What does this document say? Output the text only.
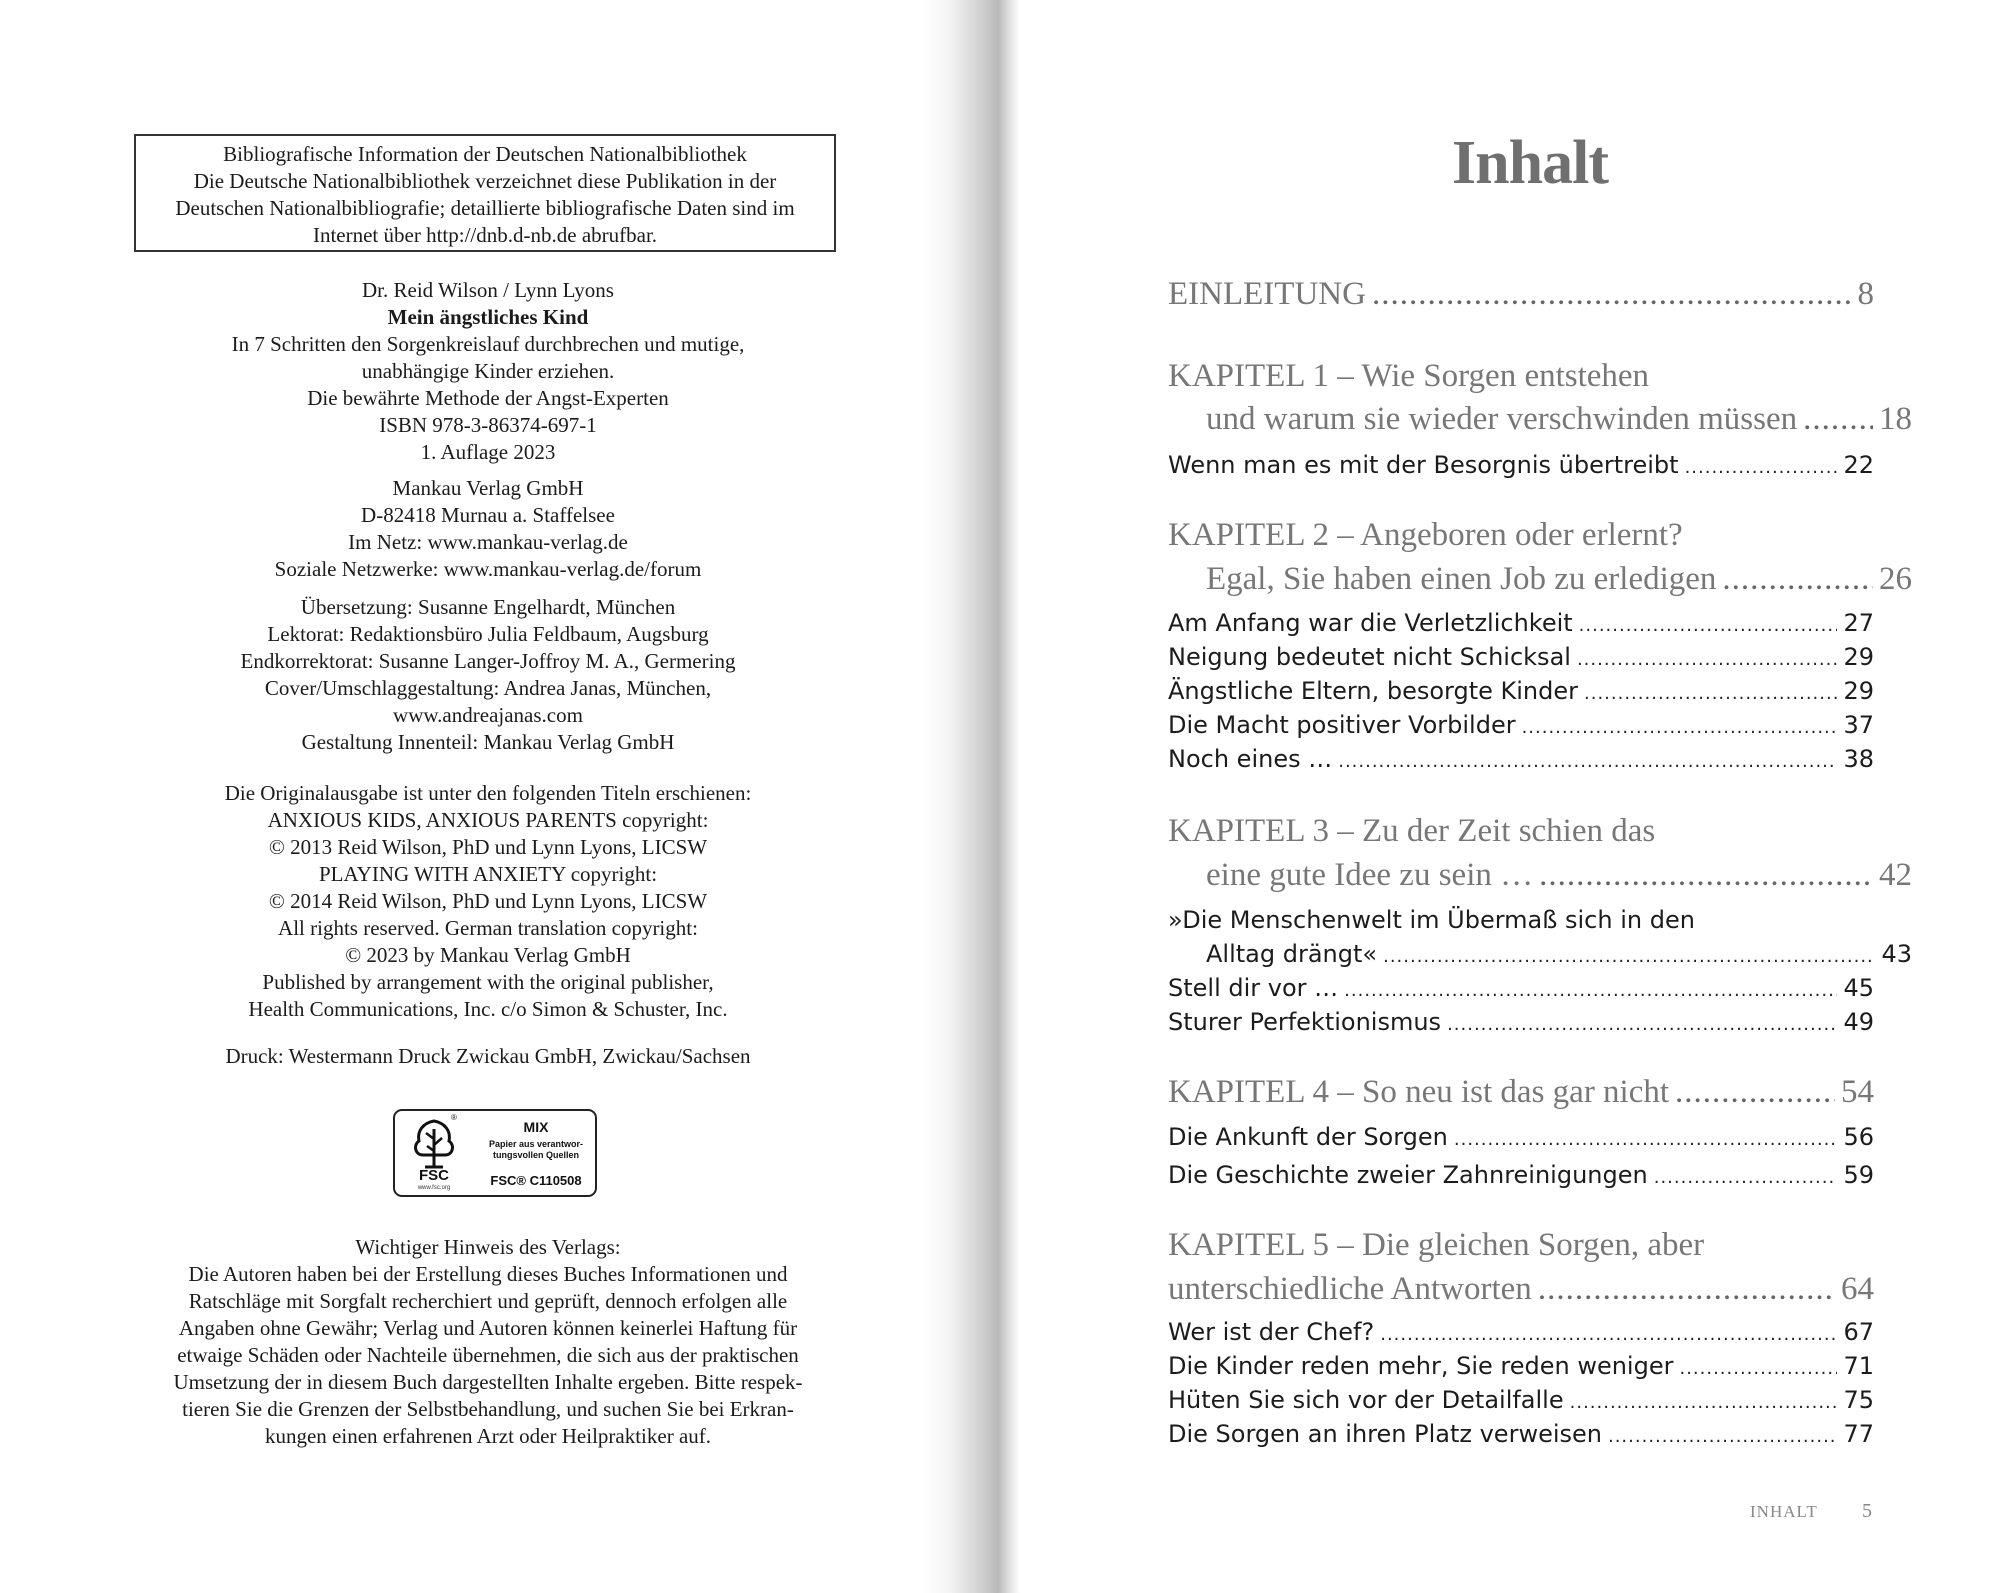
Bibliografische Information der Deutschen Nationalbibliothek
Die Deutsche Nationalbibliothek verzeichnet diese Publikation in der
Deutschen Nationalbibliografie; detaillierte bibliografische Daten sind im
Internet über http://dnb.d-nb.de abrufbar.
Dr. Reid Wilson / Lynn Lyons
Mein ängstliches Kind
In 7 Schritten den Sorgenkreislauf durchbrechen und mutige,
unabhängige Kinder erziehen.
Die bewährte Methode der Angst-Experten
ISBN 978-3-86374-697-1
1. Auflage 2023
Mankau Verlag GmbH
D-82418 Murnau a. Staffelsee
Im Netz: www.mankau-verlag.de
Soziale Netzwerke: www.mankau-verlag.de/forum
Übersetzung: Susanne Engelhardt, München
Lektorat: Redaktionsbüro Julia Feldbaum, Augsburg
Endkorrektorat: Susanne Langer-Joffroy M. A., Germering
Cover/Umschlaggestaltung: Andrea Janas, München,
www.andreajanas.com
Gestaltung Innenteil: Mankau Verlag GmbH
Die Originalausgabe ist unter den folgenden Titeln erschienen:
ANXIOUS KIDS, ANXIOUS PARENTS copyright:
© 2013 Reid Wilson, PhD und Lynn Lyons, LICSW
PLAYING WITH ANXIETY copyright:
© 2014 Reid Wilson, PhD und Lynn Lyons, LICSW
All rights reserved. German translation copyright:
© 2023 by Mankau Verlag GmbH
Published by arrangement with the original publisher,
Health Communications, Inc. c/o Simon & Schuster, Inc.
Druck: Westermann Druck Zwickau GmbH, Zwickau/Sachsen
®
FSC
www.fsc.org
MIX
Papier aus verantwor-
tungsvollen Quellen
FSC® C110508
Wichtiger Hinweis des Verlags:
Die Autoren haben bei der Erstellung dieses Buches Informationen und
Ratschläge mit Sorgfalt recherchiert und geprüft, dennoch erfolgen alle
Angaben ohne Gewähr; Verlag und Autoren können keinerlei Haftung für
etwaige Schäden oder Nachteile übernehmen, die sich aus der praktischen
Umsetzung der in diesem Buch dargestellten Inhalte ergeben. Bitte respek-
tieren Sie die Grenzen der Selbstbehandlung, und suchen Sie bei Erkran-
kungen einen erfahrenen Arzt oder Heilpraktiker auf.
Inhalt
EINLEITUNG .....	8
KAPITEL 1 – Wie Sorgen entstehen
und warum sie wieder verschwinden müssen ..... 18
Wenn man es mit der Besorgnis übertreibt .....	22
KAPITEL 2 – Angeboren oder erlernt?
Egal, Sie haben einen Job zu erledigen .....	26
Am Anfang war die Verletzlichkeit .....	27
Neigung bedeutet nicht Schicksal .....	29
Ängstliche Eltern, besorgte Kinder .....	29
Die Macht positiver Vorbilder .....	37
Noch eines … .....	38
KAPITEL 3 – Zu der Zeit schien das
eine gute Idee zu sein … .....	42
»Die Menschenwelt im Übermaß sich in den
Alltag drängt« .....	43
Stell dir vor … .....	45
Sturer Perfektionismus .....	49
KAPITEL 4 – So neu ist das gar nicht .....	54
Die Ankunft der Sorgen .....	56
Die Geschichte zweier Zahnreinigungen .....	59
KAPITEL 5 – Die gleichen Sorgen, aber
unterschiedliche Antworten .....	64
Wer ist der Chef? .....	67
Die Kinder reden mehr, Sie reden weniger .....	71
Hüten Sie sich vor der Detailfalle .....	75
Die Sorgen an ihren Platz verweisen .....	77
INHALT 5
